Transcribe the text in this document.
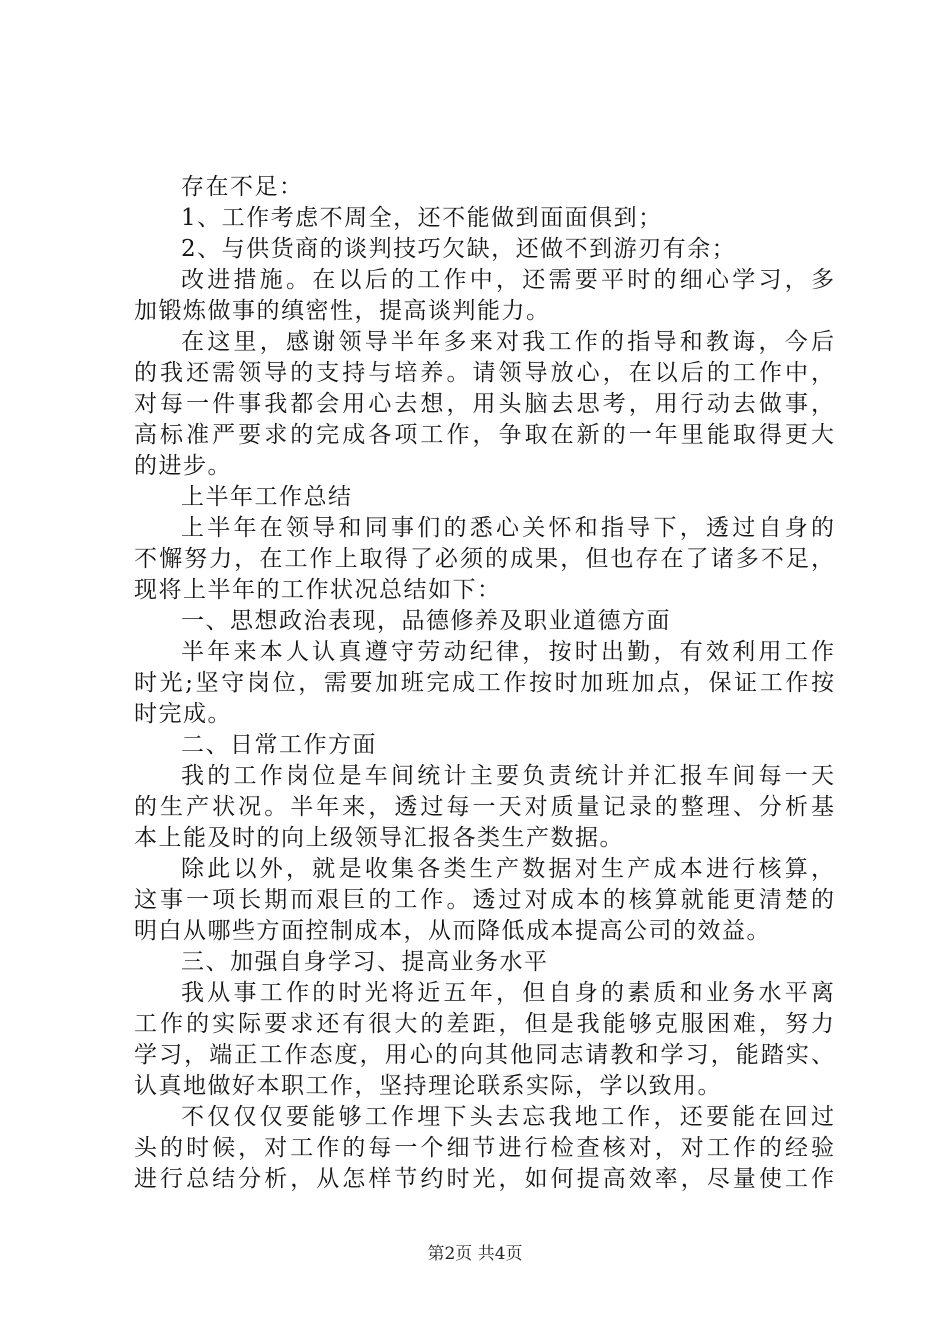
存在不足：
1、工作考虑不周全，还不能做到面面俱到；
2、与供货商的谈判技巧欠缺，还做不到游刃有余；
改进措施。在以后的工作中，还需要平时的细心学习，多
加锻炼做事的缜密性，提高谈判能力。
在这里，感谢领导半年多来对我工作的指导和教诲，今后
的我还需领导的支持与培养。请领导放心，在以后的工作中，
对每一件事我都会用心去想，用头脑去思考，用行动去做事，
高标准严要求的完成各项工作，争取在新的一年里能取得更大
的进步。
上半年工作总结
上半年在领导和同事们的悉心关怀和指导下，透过自身的
不懈努力，在工作上取得了必须的成果，但也存在了诸多不足，
现将上半年的工作状况总结如下：
一、思想政治表现，品德修养及职业道德方面
半年来本人认真遵守劳动纪律，按时出勤，有效利用工作
时光;坚守岗位，需要加班完成工作按时加班加点，保证工作按
时完成。
二、日常工作方面
我的工作岗位是车间统计主要负责统计并汇报车间每一天
的生产状况。半年来，透过每一天对质量记录的整理、分析基
本上能及时的向上级领导汇报各类生产数据。
除此以外，就是收集各类生产数据对生产成本进行核算，
这事一项长期而艰巨的工作。透过对成本的核算就能更清楚的
明白从哪些方面控制成本，从而降低成本提高公司的效益。
三、加强自身学习、提高业务水平
我从事工作的时光将近五年，但自身的素质和业务水平离
工作的实际要求还有很大的差距，但是我能够克服困难，努力
学习，端正工作态度，用心的向其他同志请教和学习，能踏实、
认真地做好本职工作，坚持理论联系实际，学以致用。
不仅仅仅要能够工作埋下头去忘我地工作，还要能在回过
头的时候，对工作的每一个细节进行检查核对，对工作的经验
进行总结分析，从怎样节约时光，如何提高效率，尽量使工作
第2页 共4页
